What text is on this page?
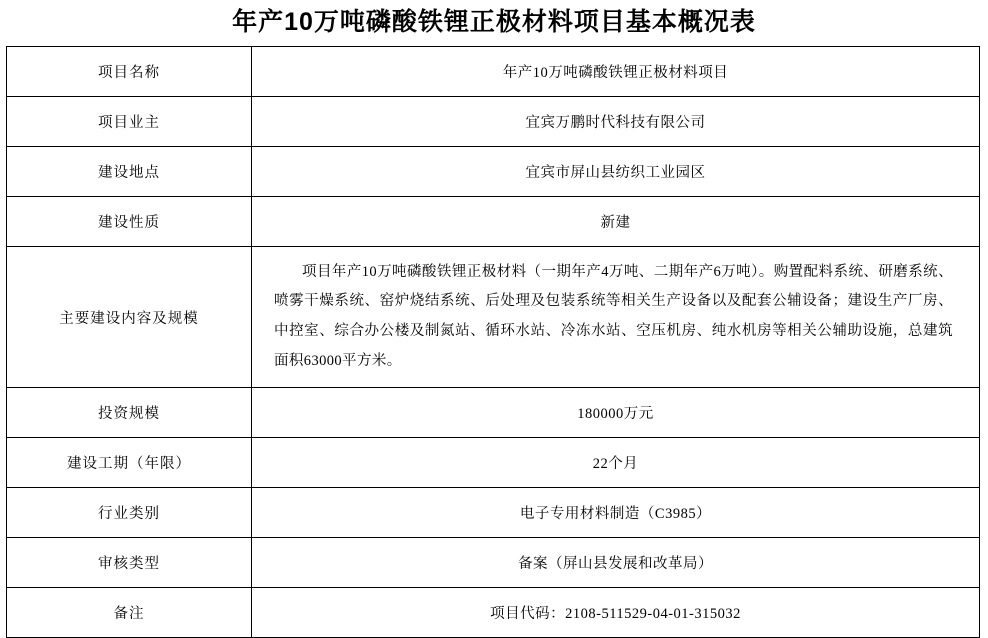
年产10万吨磷酸铁锂正极材料项目基本概况表
项目名称	年产10万吨磷酸铁锂正极材料项目
项目业主	宜宾万鹏时代科技有限公司
建设地点	宜宾市屏山县纺织工业园区
建设性质	新建
主要建设内容及规模	项目年产10万吨磷酸铁锂正极材料（一期年产4万吨、二期年产6万吨）。购置配料系统、研磨系统、喷雾干燥系统、窑炉烧结系统、后处理及包装系统等相关生产设备以及配套公辅设备；建设生产厂房、中控室、综合办公楼及制氮站、循环水站、冷冻水站、空压机房、纯水机房等相关公辅助设施，总建筑面积63000平方米。

投资规模	180000万元
建设工期（年限）	22个月
行业类别	电子专用材料制造（C3985）
审核类型	备案（屏山县发展和改革局）
备注	项目代码：2108-511529-04-01-315032
